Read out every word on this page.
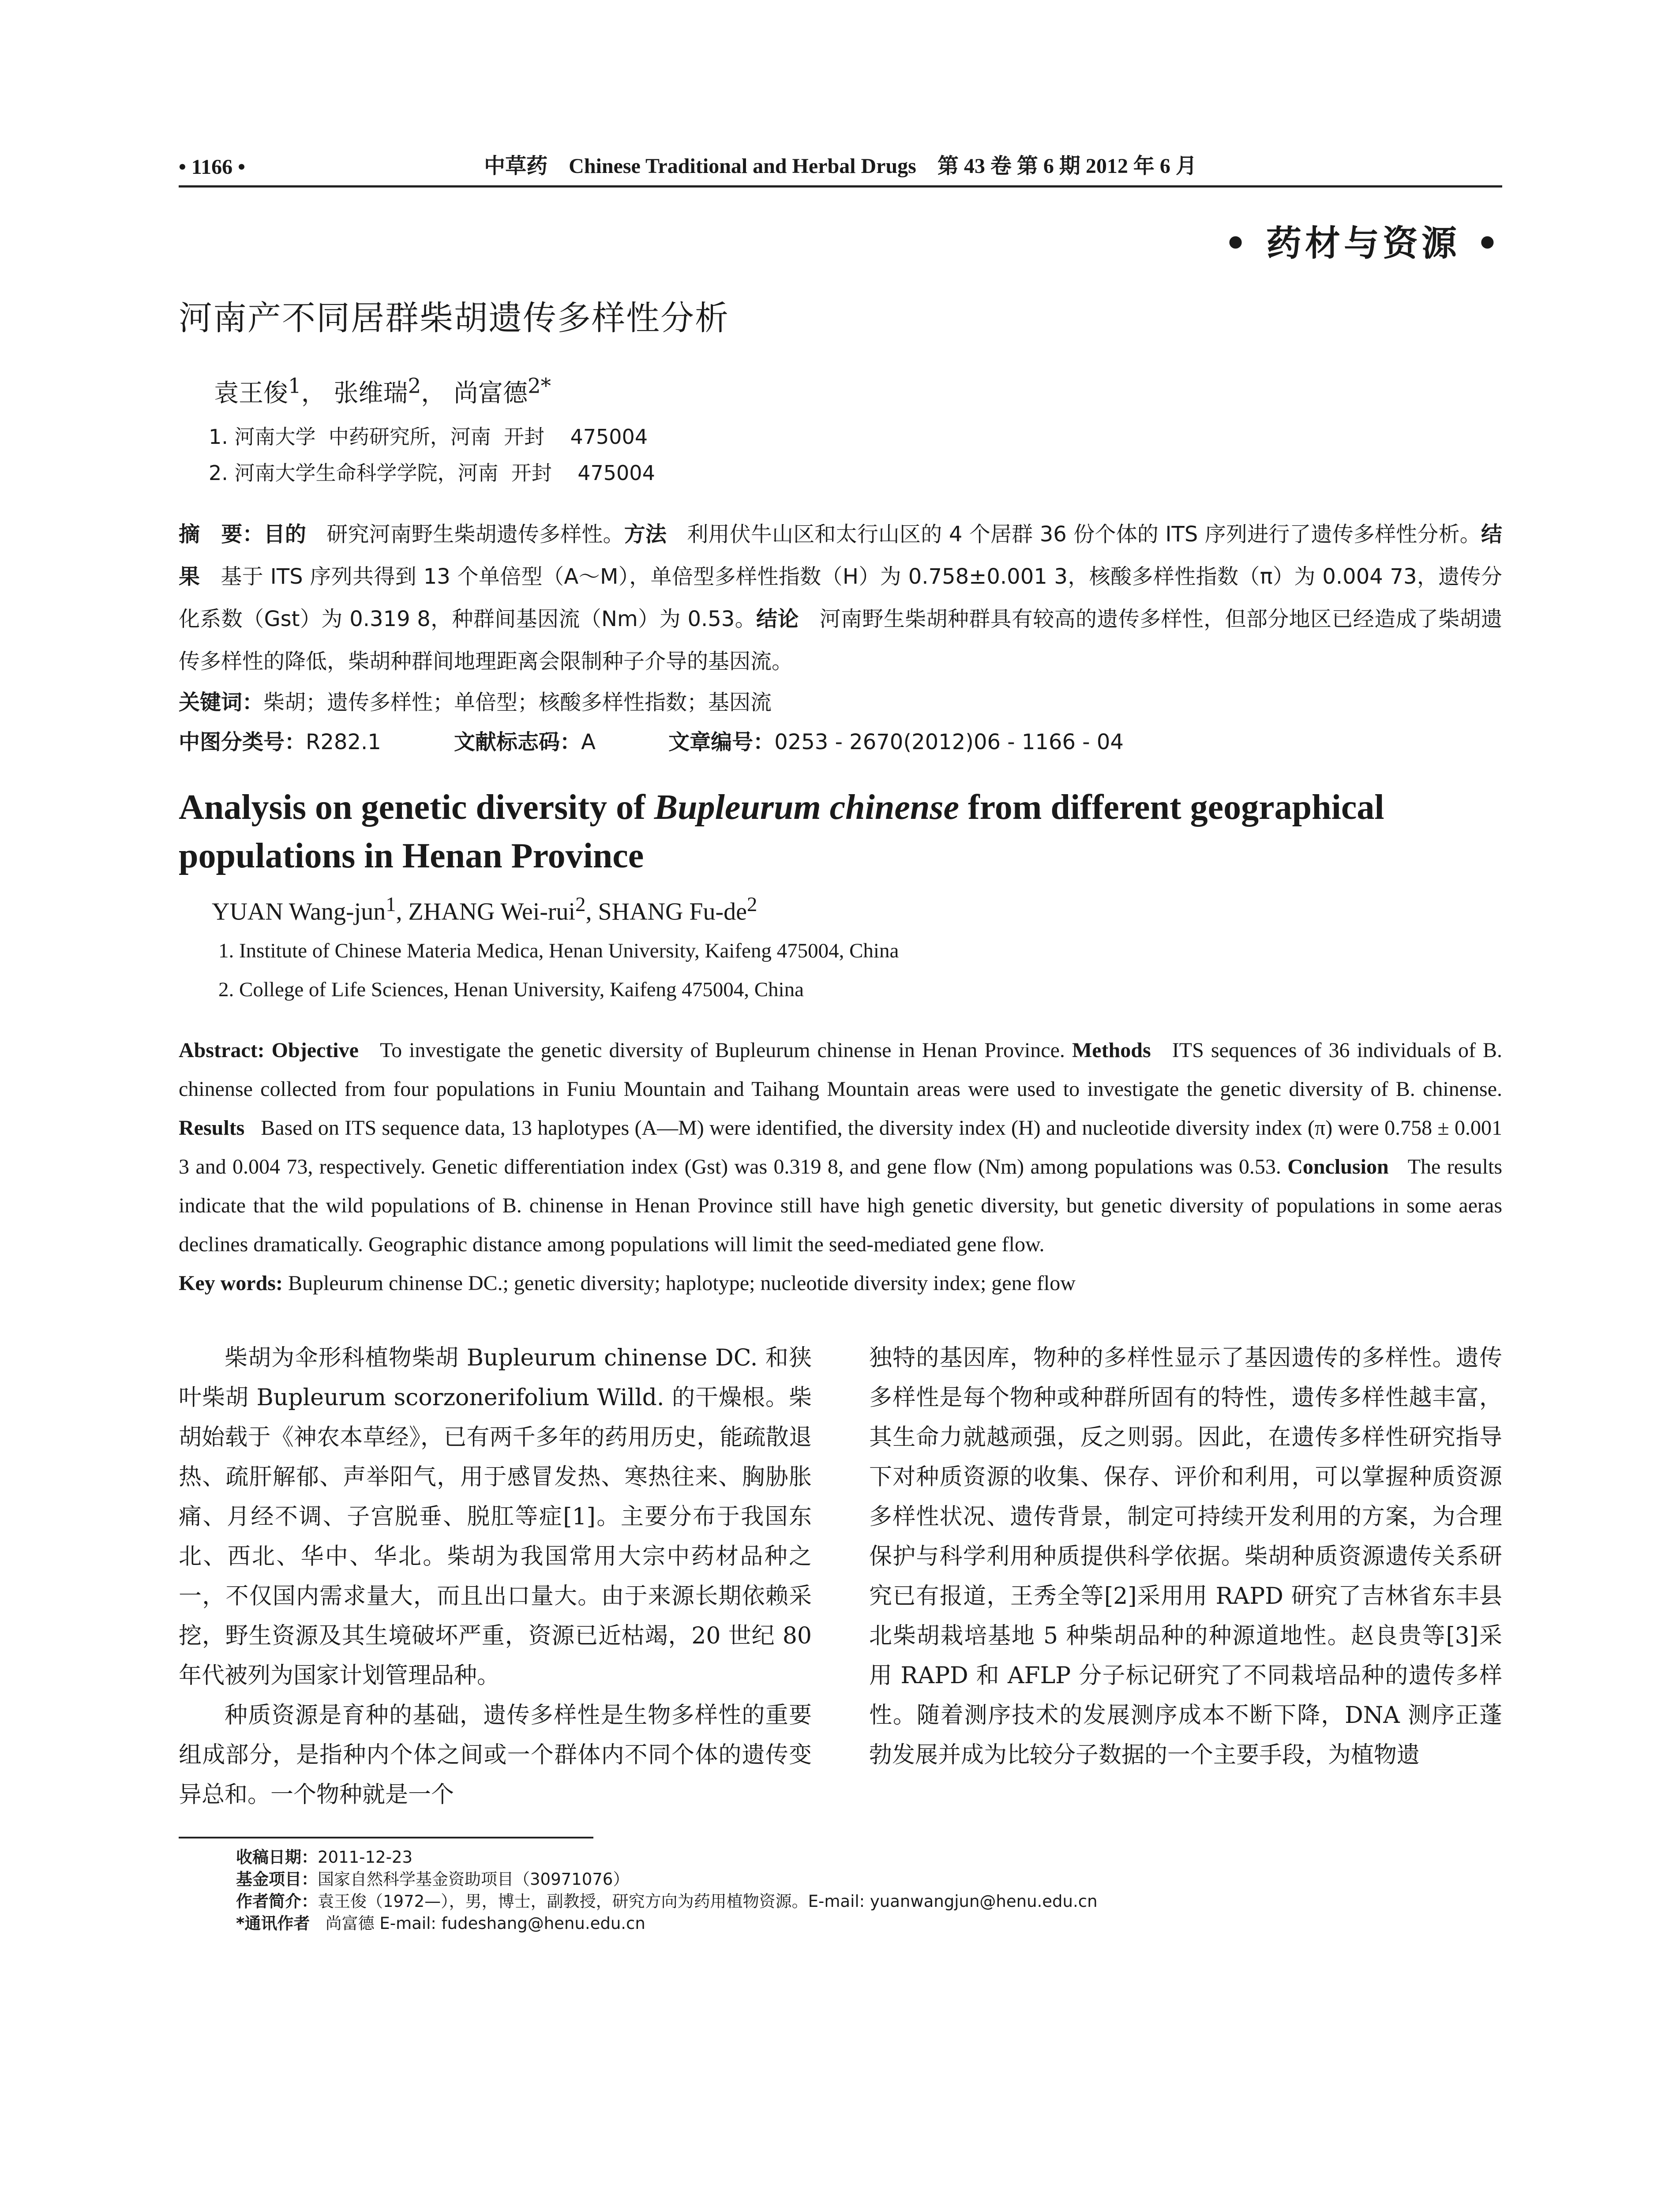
• 1166 •	中草药　Chinese Traditional and Herbal Drugs　第 43 卷 第 6 期 2012 年 6 月
• 药材与资源 •
河南产不同居群柴胡遗传多样性分析
袁王俊$^1$， 张维瑞$^2$， 尚富德$^{2*}$
1. 河南大学  中药研究所，河南  开封    475004
2. 河南大学生命科学学院，河南  开封    475004
摘　要：目的 研究河南野生柴胡遗传多样性。方法 利用伏牛山区和太行山区的 4 个居群 36 份个体的 ITS 序列进行了遗传多样性分析。结果 基于 ITS 序列共得到 13 个单倍型（A～M），单倍型多样性指数（H）为 0.758±0.001 3，核酸多样性指数（π）为 0.004 73，遗传分化系数（Gst）为 0.319 8，种群间基因流（Nm）为 0.53。结论 河南野生柴胡种群具有较高的遗传多样性，但部分地区已经造成了柴胡遗传多样性的降低，柴胡种群间地理距离会限制种子介导的基因流。
关键词：柴胡；遗传多样性；单倍型；核酸多样性指数；基因流
中图分类号：R282.1	文献标志码：A	文章编号：0253 - 2670(2012)06 - 1166 - 04
Analysis on genetic diversity of Bupleurum chinense from different geographical populations in Henan Province
YUAN Wang-jun$^1$, ZHANG Wei-rui$^2$, SHANG $Fu-de^2$
1. Institute of Chinese Materia Medica, Henan University, Kaifeng 475004, China
2. College of Life Sciences, Henan University, Kaifeng 475004, China
Abstract: Objective To investigate the genetic diversity of Bupleurum chinense in Henan Province. Methods ITS sequences of 36 individuals of B. chinense collected from four populations in Funiu Mountain and Taihang Mountain areas were used to investigate the genetic diversity of B. chinense. Results Based on ITS sequence data, 13 haplotypes (A—M) were identified, the diversity index (H) and nucleotide diversity index (π) were 0.758 ± 0.001 3 and 0.004 73, respectively. Genetic differentiation index (Gst) was 0.319 8, and gene flow (Nm) among populations was 0.53. Conclusion The results indicate that the wild populations of B. chinense in Henan Province still have high genetic diversity, but genetic diversity of populations in some aeras declines dramatically. Geographic distance among populations will limit the seed-mediated gene flow.
Key words: Bupleurum chinense DC.; genetic diversity; haplotype; nucleotide diversity index; gene flow

柴胡为伞形科植物柴胡 Bupleurum chinense DC. 和狭叶柴胡 Bupleurum scorzonerifolium Willd. 的干燥根。柴胡始载于《神农本草经》，已有两千多年的药用历史，能疏散退热、疏肝解郁、声举阳气，用于感冒发热、寒热往来、胸胁胀痛、月经不调、子宫脱垂、脱肛等症[1]。主要分布于我国东北、西北、华中、华北。柴胡为我国常用大宗中药材品种之一，不仅国内需求量大，而且出口量大。由于来源长期依赖采挖，野生资源及其生境破坏严重，资源已近枯竭，20 世纪 80 年代被列为国家计划管理品种。

种质资源是育种的基础，遗传多样性是生物多样性的重要组成部分，是指种内个体之间或一个群体内不同个体的遗传变异总和。一个物种就是一个

独特的基因库，物种的多样性显示了基因遗传的多样性。遗传多样性是每个物种或种群所固有的特性，遗传多样性越丰富，其生命力就越顽强，反之则弱。因此，在遗传多样性研究指导下对种质资源的收集、保存、评价和利用，可以掌握种质资源多样性状况、遗传背景，制定可持续开发利用的方案，为合理保护与科学利用种质提供科学依据。柴胡种质资源遗传关系研究已有报道，王秀全等[2]采用用 RAPD 研究了吉林省东丰县北柴胡栽培基地 5 种柴胡品种的种源道地性。赵良贵等[3]采用 RAPD 和 AFLP 分子标记研究了不同栽培品种的遗传多样性。随着测序技术的发展测序成本不断下降，DNA 测序正蓬勃发展并成为比较分子数据的一个主要手段，为植物遗

收稿日期：2011-12-23
基金项目：国家自然科学基金资助项目（30971076）
作者简介：袁王俊（1972—），男，博士，副教授，研究方向为药用植物资源。E-mail: yuanwangjun@henu.edu.cn
*通讯作者 尚富德 E-mail: fudeshang@henu.edu.cn
